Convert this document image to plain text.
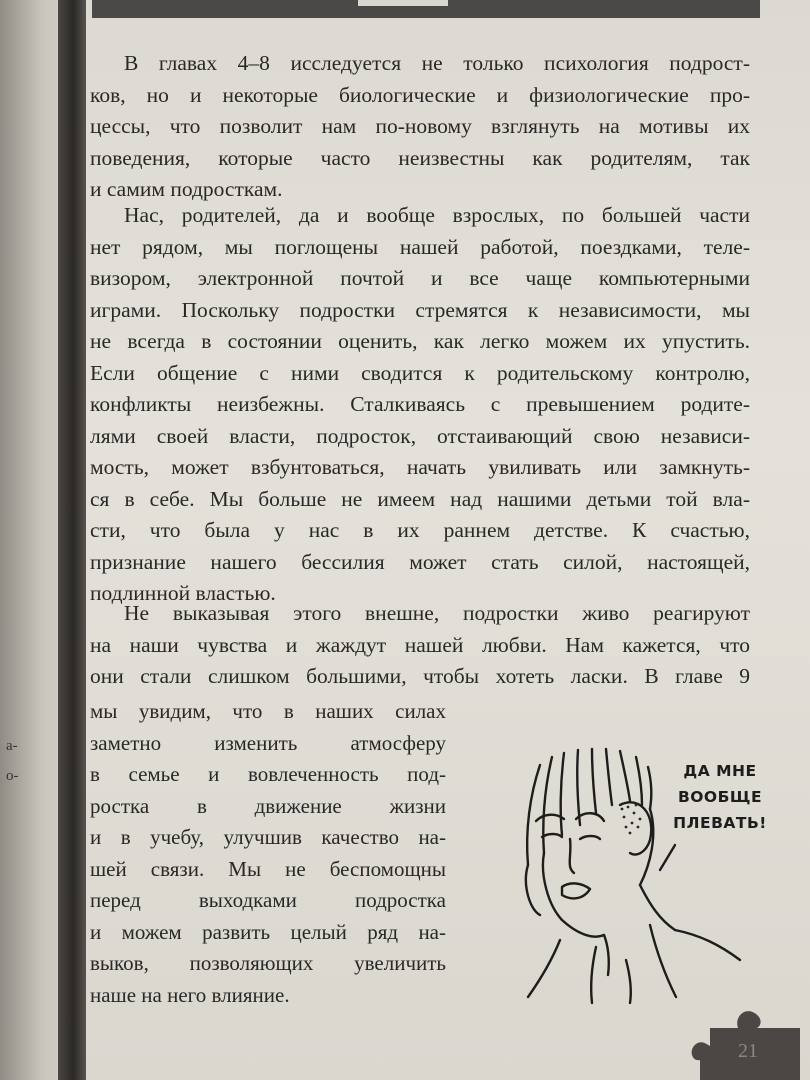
а-
о-
В главах 4–8 исследуется не только психология подрост-
ков, но и некоторые биологические и физиологические про-
цессы, что позволит нам по-новому взглянуть на мотивы их
поведения, которые часто неизвестны как родителям, так
и самим подросткам.
Нас, родителей, да и вообще взрослых, по большей части
нет рядом, мы поглощены нашей работой, поездками, теле-
визором, электронной почтой и все чаще компьютерными
играми. Поскольку подростки стремятся к независимости, мы
не всегда в состоянии оценить, как легко можем их упустить.
Если общение с ними сводится к родительскому контролю,
конфликты неизбежны. Сталкиваясь с превышением родите-
лями своей власти, подросток, отстаивающий свою независи-
мость, может взбунтоваться, начать увиливать или замкнуть-
ся в себе. Мы больше не имеем над нашими детьми той вла-
сти, что была у нас в их раннем детстве. К счастью,
признание нашего бессилия может стать силой, настоящей,
подлинной властью.
Не выказывая этого внешне, подростки живо реагируют
на наши чувства и жаждут нашей любви. Нам кажется, что
они стали слишком большими, чтобы хотеть ласки. В главе 9
мы увидим, что в наших силах
заметно изменить атмосферу
в семье и вовлеченность под-
ростка в движение жизни
и в учебу, улучшив качество на-
шей связи. Мы не беспомощны
перед выходками подростка
и можем развить целый ряд на-
выков, позволяющих увеличить
наше на него влияние.
ДА МНЕ
ВООБЩЕ
ПЛЕВАТЬ!
21
